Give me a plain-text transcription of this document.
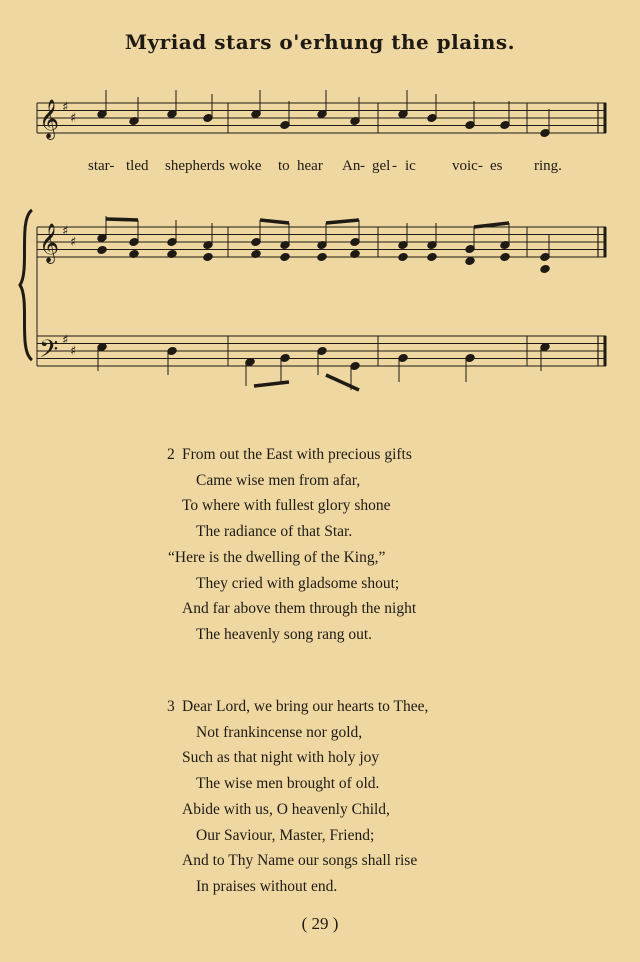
Myriad stars o'erhung the plains.
𝄞
𝄞
𝄢
♯
♯
♯
♯
♯
♯
star- tled shepherds woke to hear An - gel - ic voic- es ring.
2 From out the East with precious gifts
Came wise men from afar,
To where with fullest glory shone
The radiance of that Star.
“Here is the dwelling of the King,”
They cried with gladsome shout;
And far above them through the night
The heavenly song rang out.
3 Dear Lord, we bring our hearts to Thee,
Not frankincense nor gold,
Such as that night with holy joy
The wise men brought of old.
Abide with us, O heavenly Child,
Our Saviour, Master, Friend;
And to Thy Name our songs shall rise
In praises without end.
( 29 )
